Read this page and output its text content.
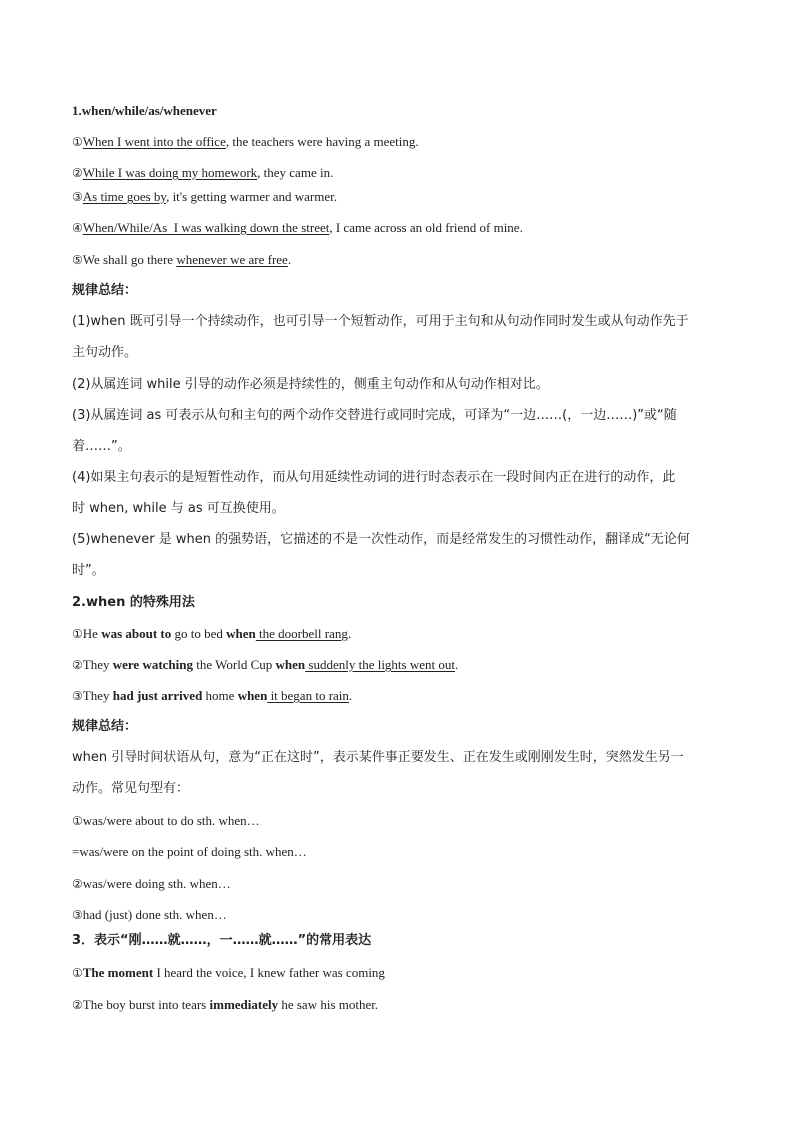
1.when/while/as/whenever
①When I went into the office, the teachers were having a meeting.
②While I was doing my homework, they came in.
③As time goes by, it's getting warmer and warmer.
④When/While/As  I was walking down the street, I came across an old friend of mine.
⑤We shall go there whenever we are free.
规律总结：
(1)when 既可引导一个持续动作，也可引导一个短暂动作，可用于主句和从句动作同时发生或从句动作先于
主句动作。
(2)从属连词 while 引导的动作必须是持续性的，侧重主句动作和从句动作相对比。
(3)从属连词 as 可表示从句和主句的两个动作交替进行或同时完成，可译为“一边……(，一边……)”或“随
着……”。
(4)如果主句表示的是短暂性动作，而从句用延续性动词的进行时态表示在一段时间内正在进行的动作，此
时 when, while 与 as 可互换使用。
(5)whenever 是 when 的强势语，它描述的不是一次性动作，而是经常发生的习惯性动作，翻译成“无论何
时”。
2.when 的特殊用法
①He was about to go to bed when the doorbell rang.
②They were watching the World Cup when suddenly the lights went out.
③They had just arrived home when it began to rain.
规律总结：
when 引导时间状语从句，意为“正在这时”，表示某件事正要发生、正在发生或刚刚发生时，突然发生另一
动作。常见句型有：
①was/were about to do sth. when…
=was/were on the point of doing sth. when…
②was/were doing sth. when…
③had (just) done sth. when…
3．表示“刚……就……，一……就……”的常用表达
①The moment I heard the voice, I knew father was coming
②The boy burst into tears immediately he saw his mother.
